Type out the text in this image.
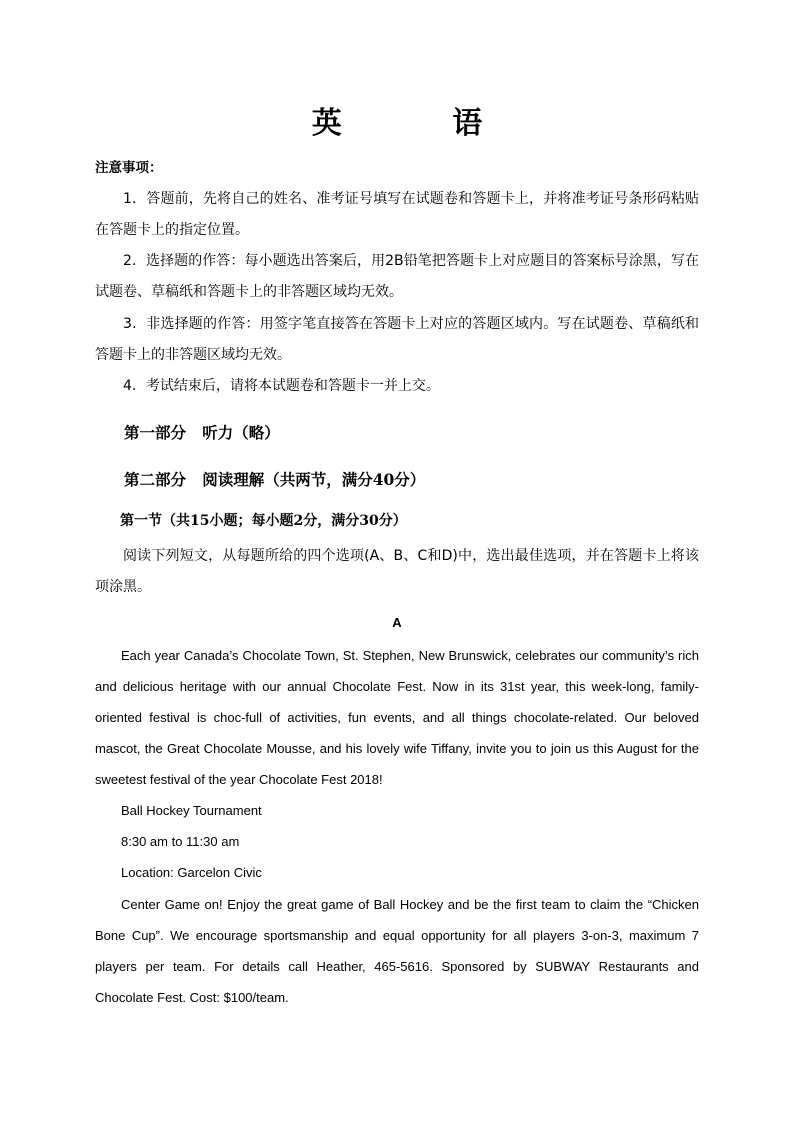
英 语
注意事项：
1．答题前，先将自己的姓名、准考证号填写在试题卷和答题卡上，并将准考证号条形码粘贴在答题卡上的指定位置。
2．选择题的作答：每小题选出答案后，用2B铅笔把答题卡上对应题目的答案标号涂黑，写在试题卷、草稿纸和答题卡上的非答题区域均无效。
3．非选择题的作答：用签字笔直接答在答题卡上对应的答题区域内。写在试题卷、草稿纸和答题卡上的非答题区域均无效。
4．考试结束后，请将本试题卷和答题卡一并上交。
第一部分   听力（略）
第二部分   阅读理解（共两节，满分40分）
第一节（共15小题；每小题2分，满分30分）
阅读下列短文，从每题所给的四个选项(A、B、C和D)中，选出最佳选项，并在答题卡上将该项涂黑。
A
Each year Canada’s Chocolate Town, St. Stephen, New Brunswick, celebrates our community’s rich and delicious heritage with our annual Chocolate Fest. Now in its 31st year, this week-long, family-oriented festival is choc-full of activities, fun events, and all things chocolate-related. Our beloved mascot, the Great Chocolate Mousse, and his lovely wife Tiffany, invite you to join us this August for the sweetest festival of the year Chocolate Fest 2018!
Ball Hockey Tournament
8:30 am to 11:30 am
Location: Garcelon Civic
Center Game on! Enjoy the great game of Ball Hockey and be the first team to claim the “Chicken Bone Cup”. We encourage sportsmanship and equal opportunity for all players 3-on-3, maximum 7 players per team. For details call Heather, 465-5616. Sponsored by SUBWAY Restaurants and Chocolate Fest. Cost: $100/team.
